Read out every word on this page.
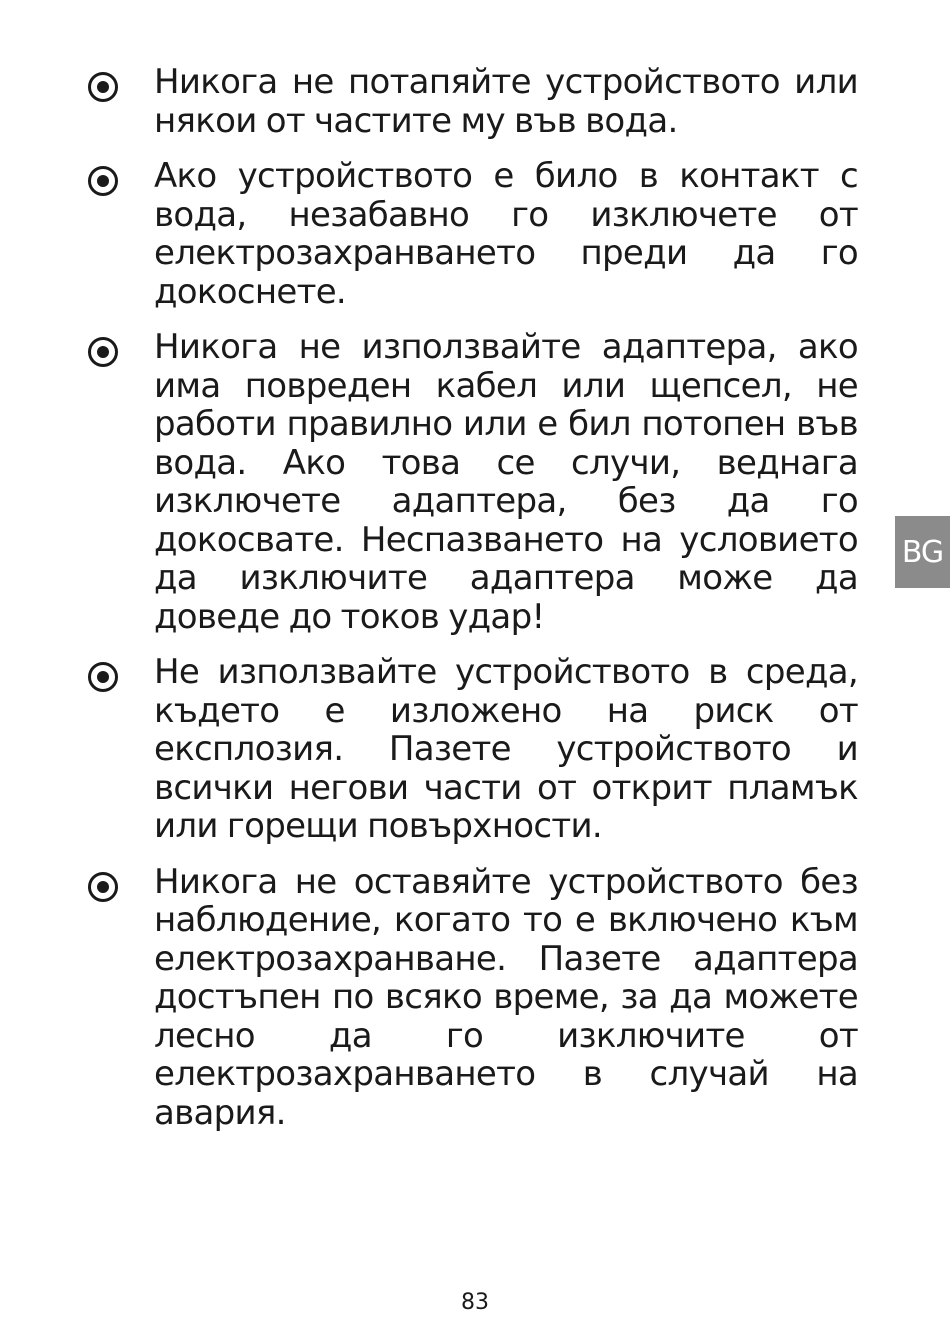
Никога не потапяйте устройството или някои от частите му във вода.

Ако устройството е било в контакт с вода, незабавно го изключете от електрозахранването преди да го докоснете.

Никога не използвайте адаптера, ако има повреден кабел или щепсел, не работи правилно или е бил потопен във вода. Ако това се случи, веднага изключете адаптера, без да го докосвате. Неспазването на условието да изключите адаптера може да доведе до токов удар!

Не използвайте устройството в среда, където е изложено на риск от експлозия. Пазете устройството и всички негови части от открит пламък или горещи повърхности.

Никога не оставяйте устройството без наблюдение, когато то е включено към електрозахранване. Пазете адаптера достъпен по всяко време, за да можете лесно да го изключите от електрозахранването в случай на авария.

BG
83
